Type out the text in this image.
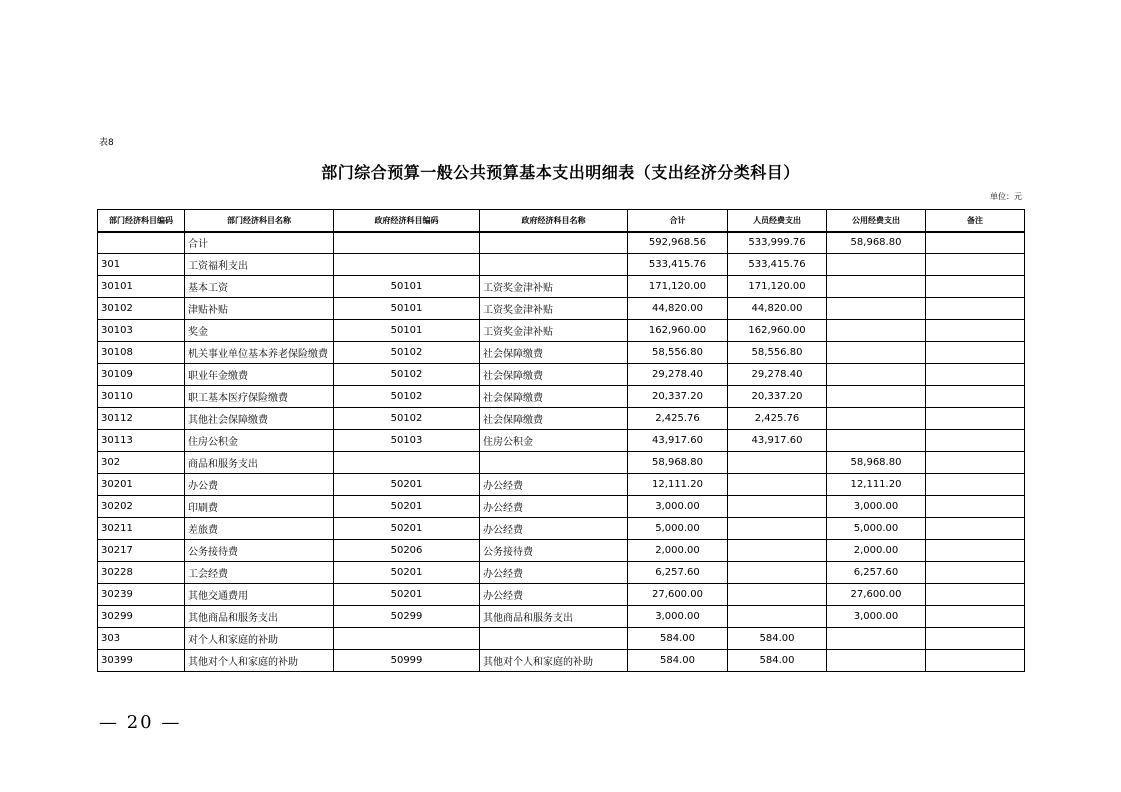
表8
部门综合预算一般公共预算基本支出明细表（支出经济分类科目）
单位：元
部门经济科目编码	部门经济科目名称	政府经济科目编码	政府经济科目名称	合计	人员经费支出	公用经费支出	备注
	合计			592,968.56	533,999.76	58,968.80	
301	工资福利支出			533,415.76	533,415.76		
30101	基本工资	50101	工资奖金津补贴	171,120.00	171,120.00		
30102	津贴补贴	50101	工资奖金津补贴	44,820.00	44,820.00		
30103	奖金	50101	工资奖金津补贴	162,960.00	162,960.00		
30108	机关事业单位基本养老保险缴费	50102	社会保障缴费	58,556.80	58,556.80		
30109	职业年金缴费	50102	社会保障缴费	29,278.40	29,278.40		
30110	职工基本医疗保险缴费	50102	社会保障缴费	20,337.20	20,337.20		
30112	其他社会保障缴费	50102	社会保障缴费	2,425.76	2,425.76		
30113	住房公积金	50103	住房公积金	43,917.60	43,917.60		
302	商品和服务支出			58,968.80		58,968.80	
30201	办公费	50201	办公经费	12,111.20		12,111.20	
30202	印刷费	50201	办公经费	3,000.00		3,000.00	
30211	差旅费	50201	办公经费	5,000.00		5,000.00	
30217	公务接待费	50206	公务接待费	2,000.00		2,000.00	
30228	工会经费	50201	办公经费	6,257.60		6,257.60	
30239	其他交通费用	50201	办公经费	27,600.00		27,600.00	
30299	其他商品和服务支出	50299	其他商品和服务支出	3,000.00		3,000.00	
303	对个人和家庭的补助			584.00	584.00		
30399	其他对个人和家庭的补助	50999	其他对个人和家庭的补助	584.00	584.00		
— 20 —
